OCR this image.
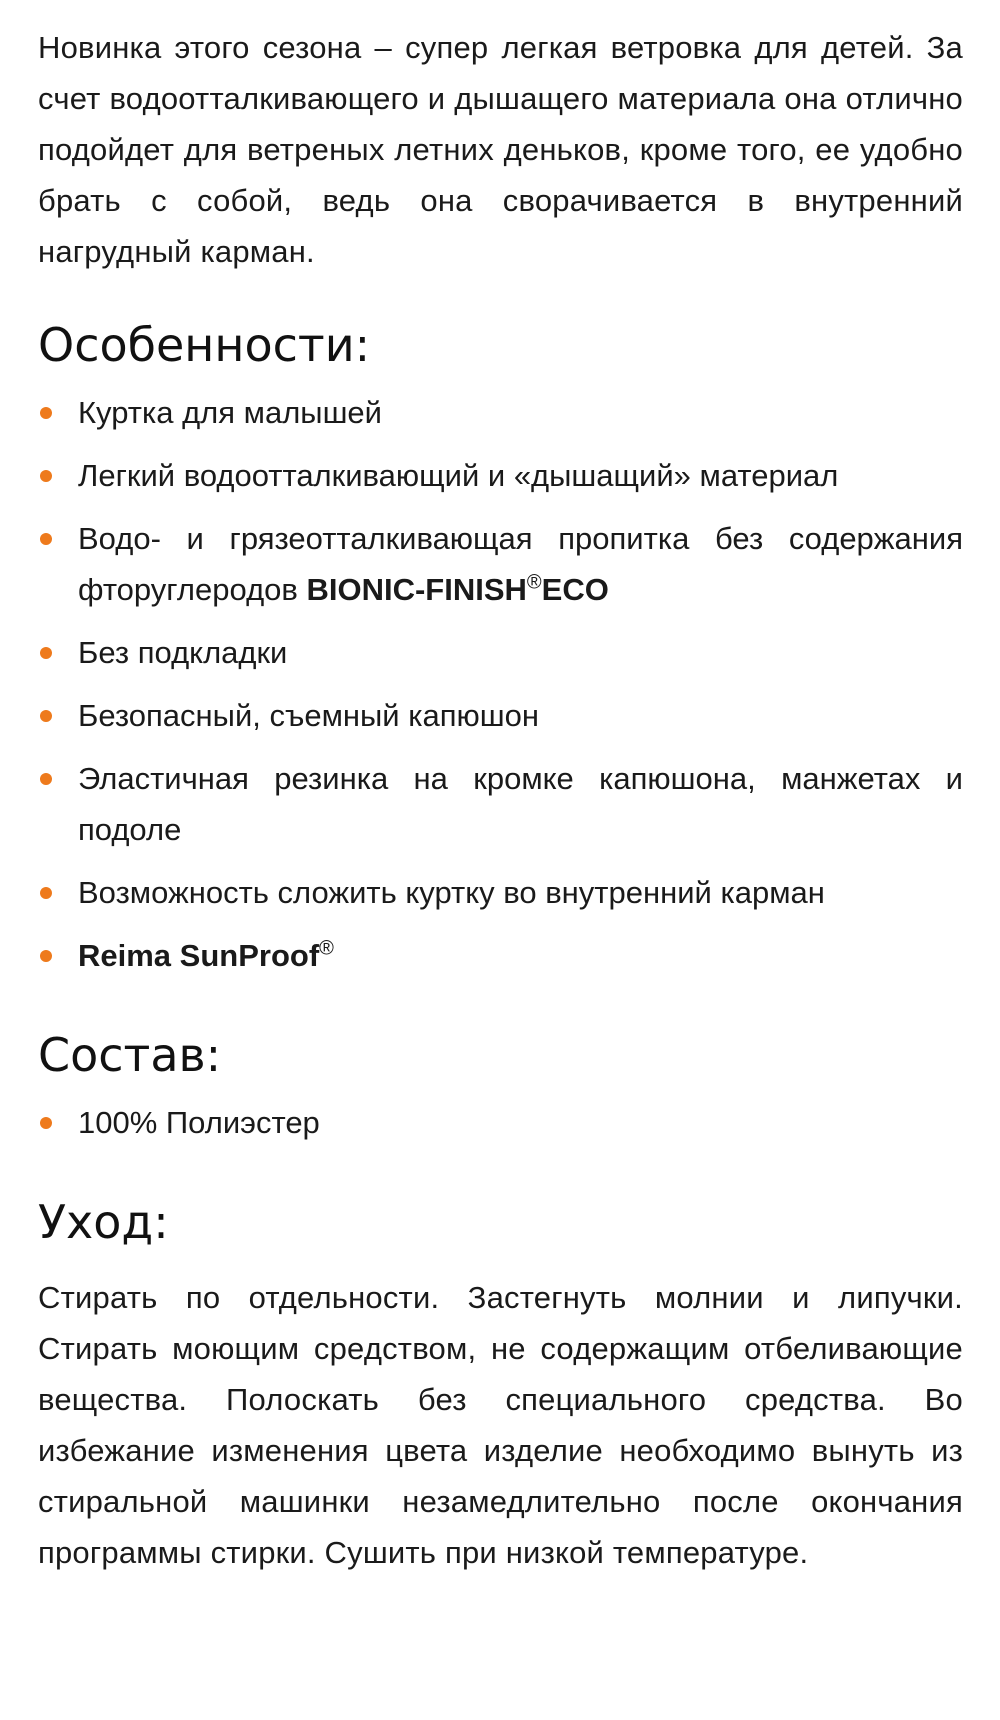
Новинка этого сезона – супер легкая ветровка для детей. За счет водоотталкивающего и дышащего материала она отлично подойдет для ветреных летних деньков, кроме того, ее удобно брать с собой, ведь она сворачивается в внутренний нагрудный карман.

Особенности:
Куртка для малышей
Легкий водоотталкивающий и «дышащий» материал
Водо- и грязеотталкивающая пропитка без содержания фторуглеродов BIONIC-FINISH®ECO
Без подкладки
Безопасный, съемный капюшон
Эластичная резинка на кромке капюшона, манжетах и подоле
Возможность сложить куртку во внутренний карман
Reima SunProof®
Состав:
100% Полиэстер
Уход:

Стирать по отдельности. Застегнуть молнии и липучки. Стирать моющим средством, не содержащим отбеливающие вещества. Полоскать без специального средства. Во избежание изменения цвета изделие необходимо вынуть из стиральной машинки незамедлительно после окончания программы стирки. Сушить при низкой температуре.
